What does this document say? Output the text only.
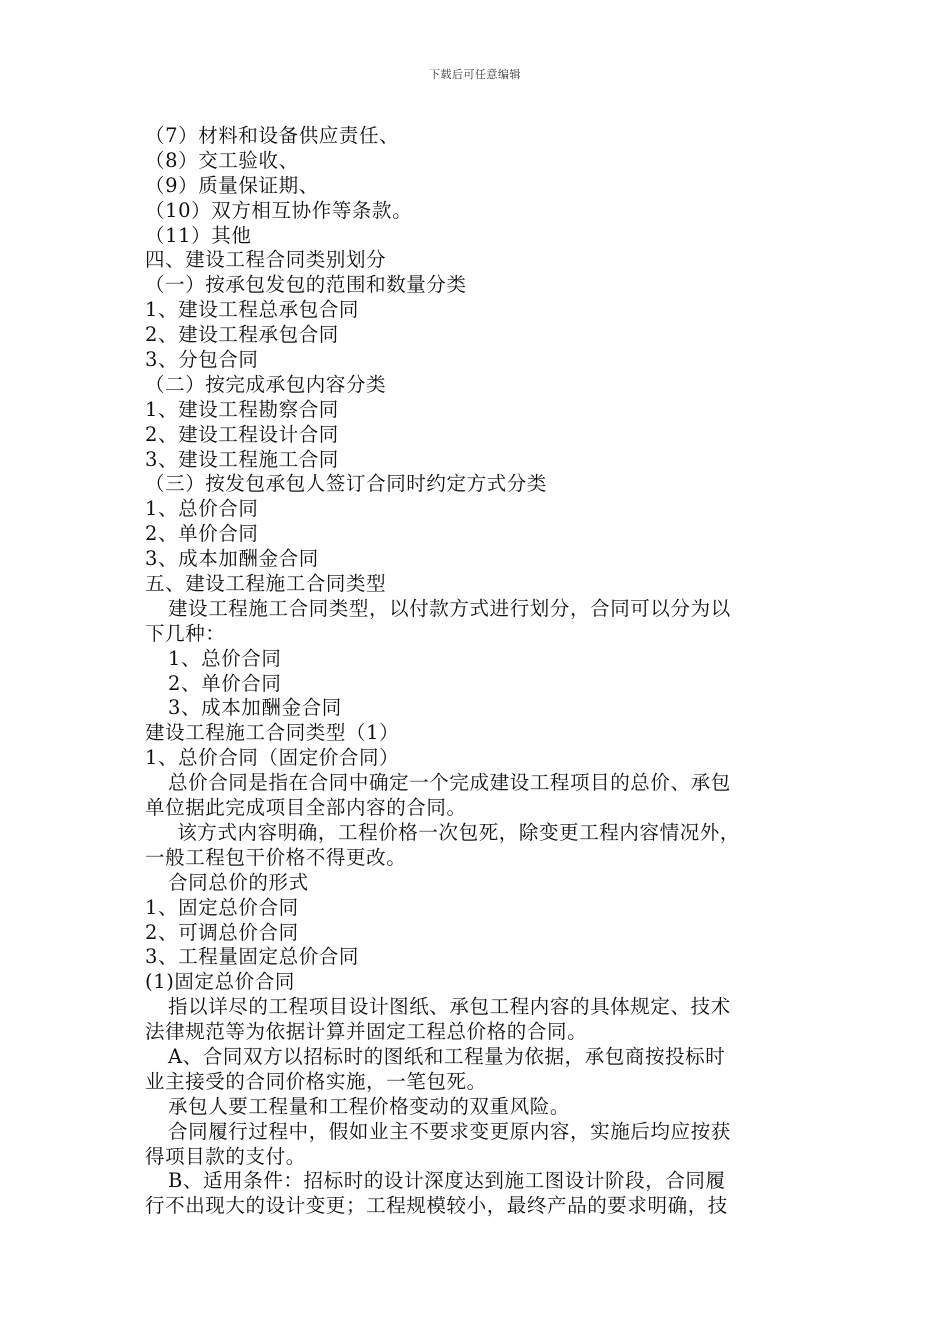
下载后可任意编辑
（7）材料和设备供应责任、
（8）交工验收、
（9）质量保证期、
（10）双方相互协作等条款。
（11）其他
四、建设工程合同类别划分
（一）按承包发包的范围和数量分类
1、建设工程总承包合同
2、建设工程承包合同
3、分包合同
（二）按完成承包内容分类
1、建设工程勘察合同
2、建设工程设计合同
3、建设工程施工合同
（三）按发包承包人签订合同时约定方式分类
1、总价合同
2、单价合同
3、成本加酬金合同
五、建设工程施工合同类型
建设工程施工合同类型，以付款方式进行划分，合同可以分为以
下几种：
1、总价合同
2、单价合同
3、成本加酬金合同
建设工程施工合同类型（1）
1、总价合同（固定价合同）
总价合同是指在合同中确定一个完成建设工程项目的总价、承包
单位据此完成项目全部内容的合同。
该方式内容明确，工程价格一次包死，除变更工程内容情况外，
一般工程包干价格不得更改。
合同总价的形式
1、固定总价合同
2、可调总价合同
3、工程量固定总价合同
(1)固定总价合同
指以详尽的工程项目设计图纸、承包工程内容的具体规定、技术
法律规范等为依据计算并固定工程总价格的合同。
A、合同双方以招标时的图纸和工程量为依据，承包商按投标时
业主接受的合同价格实施，一笔包死。
承包人要工程量和工程价格变动的双重风险。
合同履行过程中，假如业主不要求变更原内容，实施后均应按获
得项目款的支付。
B、适用条件：招标时的设计深度达到施工图设计阶段，合同履
行不出现大的设计变更；工程规模较小，最终产品的要求明确，技
